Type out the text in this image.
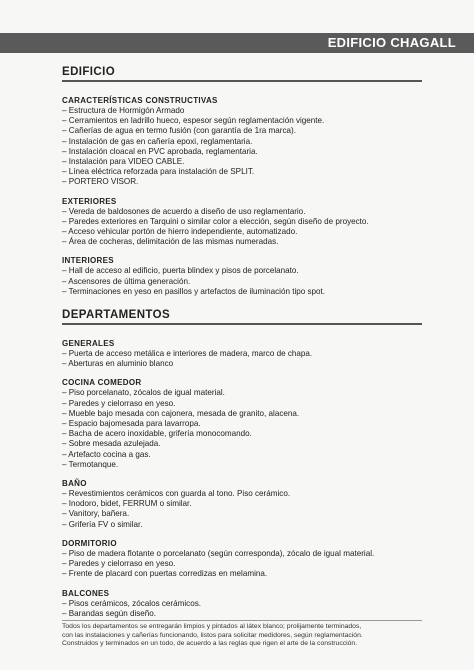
EDIFICIO CHAGALL
EDIFICIO
CARACTERÍSTICAS CONSTRUCTIVAS
– Estructura de Hormigón Armado
– Cerramientos en ladrillo hueco, espesor según reglamentación vigente.
– Cañerías de agua en termo fusión (con garantía de 1ra marca).
– Instalación de gas en cañería epoxi, reglamentaria.
– Instalación cloacal en PVC aprobada, reglamentaria.
– Instalación para VIDEO CABLE.
– Línea eléctrica reforzada para instalación de SPLIT.
– PORTERO VISOR.
EXTERIORES
– Vereda de baldosones de acuerdo a diseño de uso reglamentario.
– Paredes exteriores en Tarquini o similar color a elección, según diseño de proyecto.
– Acceso vehicular portón de hierro independiente, automatizado.
– Área de cocheras, delimitación de las mismas numeradas.
INTERIORES
– Hall de acceso al edificio, puerta blindex y pisos de porcelanato.
– Ascensores de última generación.
– Terminaciones en yeso en pasillos y artefactos de iluminación tipo spot.
DEPARTAMENTOS
GENERALES
– Puerta de acceso metálica e interiores de madera, marco de chapa.
– Aberturas en aluminio blanco
COCINA COMEDOR
– Piso porcelanato, zócalos de igual material.
– Paredes y cielorraso en yeso.
– Mueble bajo mesada con cajonera, mesada de granito, alacena.
– Espacio bajomesada para lavarropa.
– Bacha de acero inoxidable, grifería monocomando.
– Sobre mesada azulejada.
– Artefacto cocina a gas.
– Termotanque.
BAÑO
– Revestimientos cerámicos con guarda al tono. Piso cerámico.
– Inodoro, bidet, FERRUM o similar.
– Vanitory, bañera.
– Grifería FV o similar.
DORMITORIO
– Piso de madera flotante o porcelanato (según corresponda), zócalo de igual material.
– Paredes y cielorraso en yeso.
– Frente de placard con puertas corredizas en melamina.
BALCONES
– Pisos cerámicos, zócalos cerámicos.
– Barandas según diseño.

Todos los departamentos se entregarán limpios y pintados al látex blanco; prolijamente terminados,

con las instalaciones y cañerías funcionando, listos para solicitar medidores, según reglamentación.

Construidos y terminados en un todo, de acuerdo a las reglas que rigen el arte de la construcción.
